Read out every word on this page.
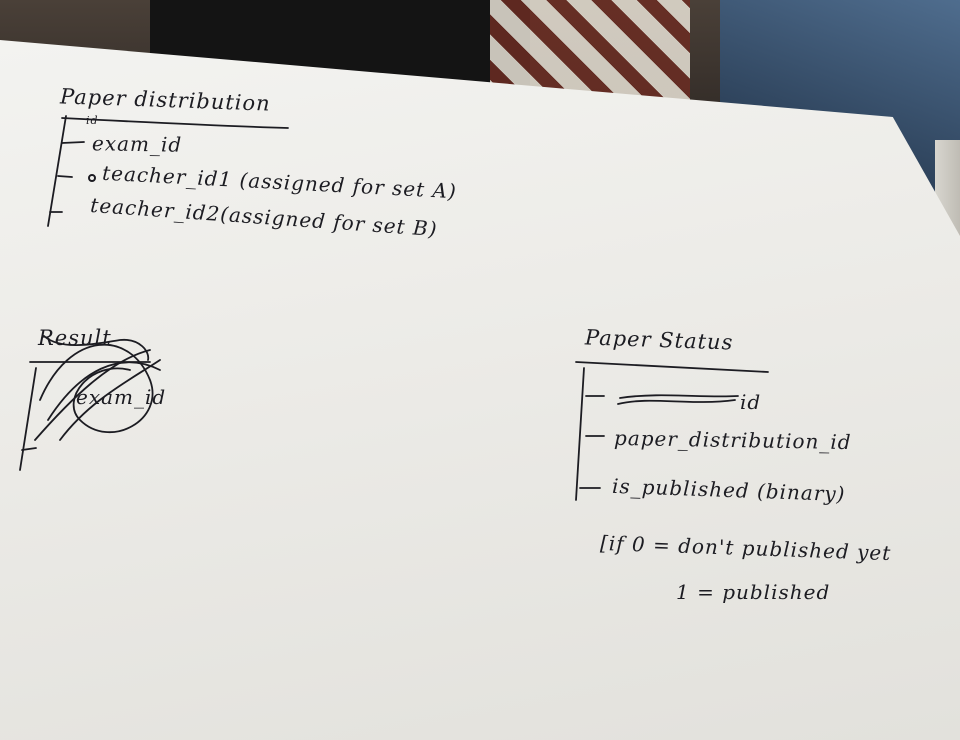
Paper distribution
id
exam_id
teacher_id1 (assigned for set A)
teacher_id2(assigned for set B)
Result
exam_id
Paper Status
id
paper_distribution_id
is_published (binary)
[if 0 = don't published yet
1 = published
